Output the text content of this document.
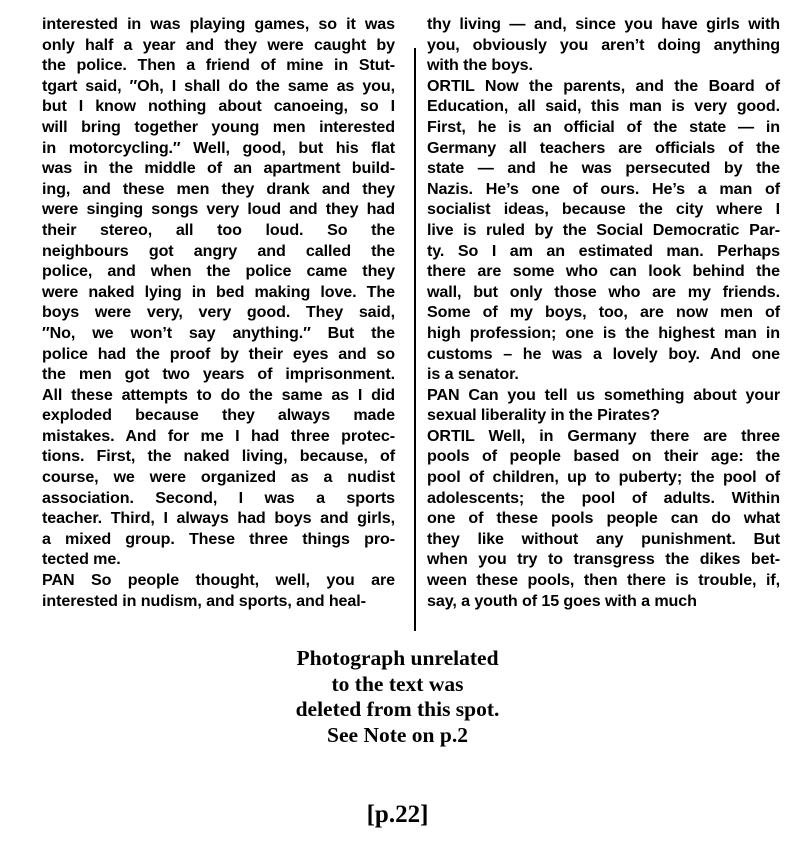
interested in was playing games, so it was
only half a year and they were caught by
the police. Then a friend of mine in Stut-
tgart said, ″Oh, I shall do the same as you,
but I know nothing about canoeing, so I
will bring together young men interested
in motorcycling.″ Well, good, but his flat
was in the middle of an apartment build-
ing, and these men they drank and they
were singing songs very loud and they had
their stereo, all too loud. So the
neighbours got angry and called the
police, and when the police came they
were naked lying in bed making love. The
boys were very, very good. They said,
″No, we won’t say anything.″ But the
police had the proof by their eyes and so
the men got two years of imprisonment.
All these attempts to do the same as I did
exploded because they always made
mistakes. And for me I had three protec-
tions. First, the naked living, because, of
course, we were organized as a nudist
association. Second, I was a sports
teacher. Third, I always had boys and girls,
a mixed group. These three things pro-
tected me.
PAN So people thought, well, you are
interested in nudism, and sports, and heal-
thy living — and, since you have girls with
you, obviously you aren’t doing anything
with the boys.
ORTIL Now the parents, and the Board of
Education, all said, this man is very good.
First, he is an official of the state — in
Germany all teachers are officials of the
state — and he was persecuted by the
Nazis. He’s one of ours. He’s a man of
socialist ideas, because the city where I
live is ruled by the Social Democratic Par-
ty. So I am an estimated man. Perhaps
there are some who can look behind the
wall, but only those who are my friends.
Some of my boys, too, are now men of
high profession; one is the highest man in
customs – he was a lovely boy. And one
is a senator.
PAN Can you tell us something about your
sexual liberality in the Pirates?
ORTIL Well, in Germany there are three
pools of people based on their age: the
pool of children, up to puberty; the pool of
adolescents; the pool of adults. Within
one of these pools people can do what
they like without any punishment. But
when you try to transgress the dikes bet-
ween these pools, then there is trouble, if,
say, a youth of 15 goes with a much
Photograph unrelated
to the text was
deleted from this spot.
See Note on p.2
[p.22]
